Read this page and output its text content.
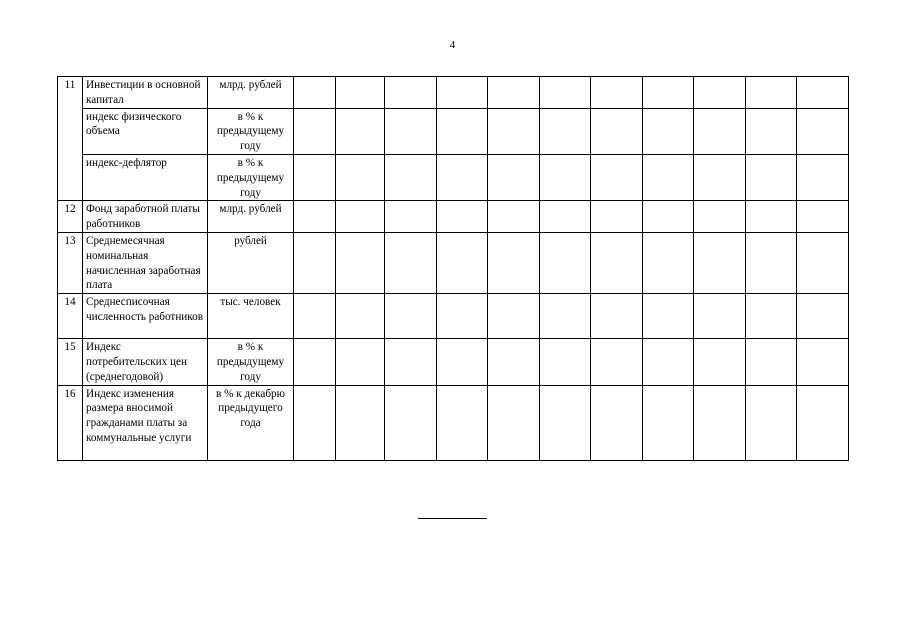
4
11	Инвестиции в основной капитал	млрд. рублей											
	индекс физического объема	в % к предыдущему году											
	индекс-дефлятор	в % к предыдущему году											
12	Фонд заработной платы работников	млрд. рублей											
13	Среднемесячная номинальная начисленная заработная плата	рублей											
14	Среднесписочная численность работников	тыс. человек											
15	Индекс потребительских цен (среднегодовой)	в % к предыдущему году											
16	Индекс изменения размера вносимой гражданами платы за коммунальные услуги	в % к декабрю предыдущего года											
